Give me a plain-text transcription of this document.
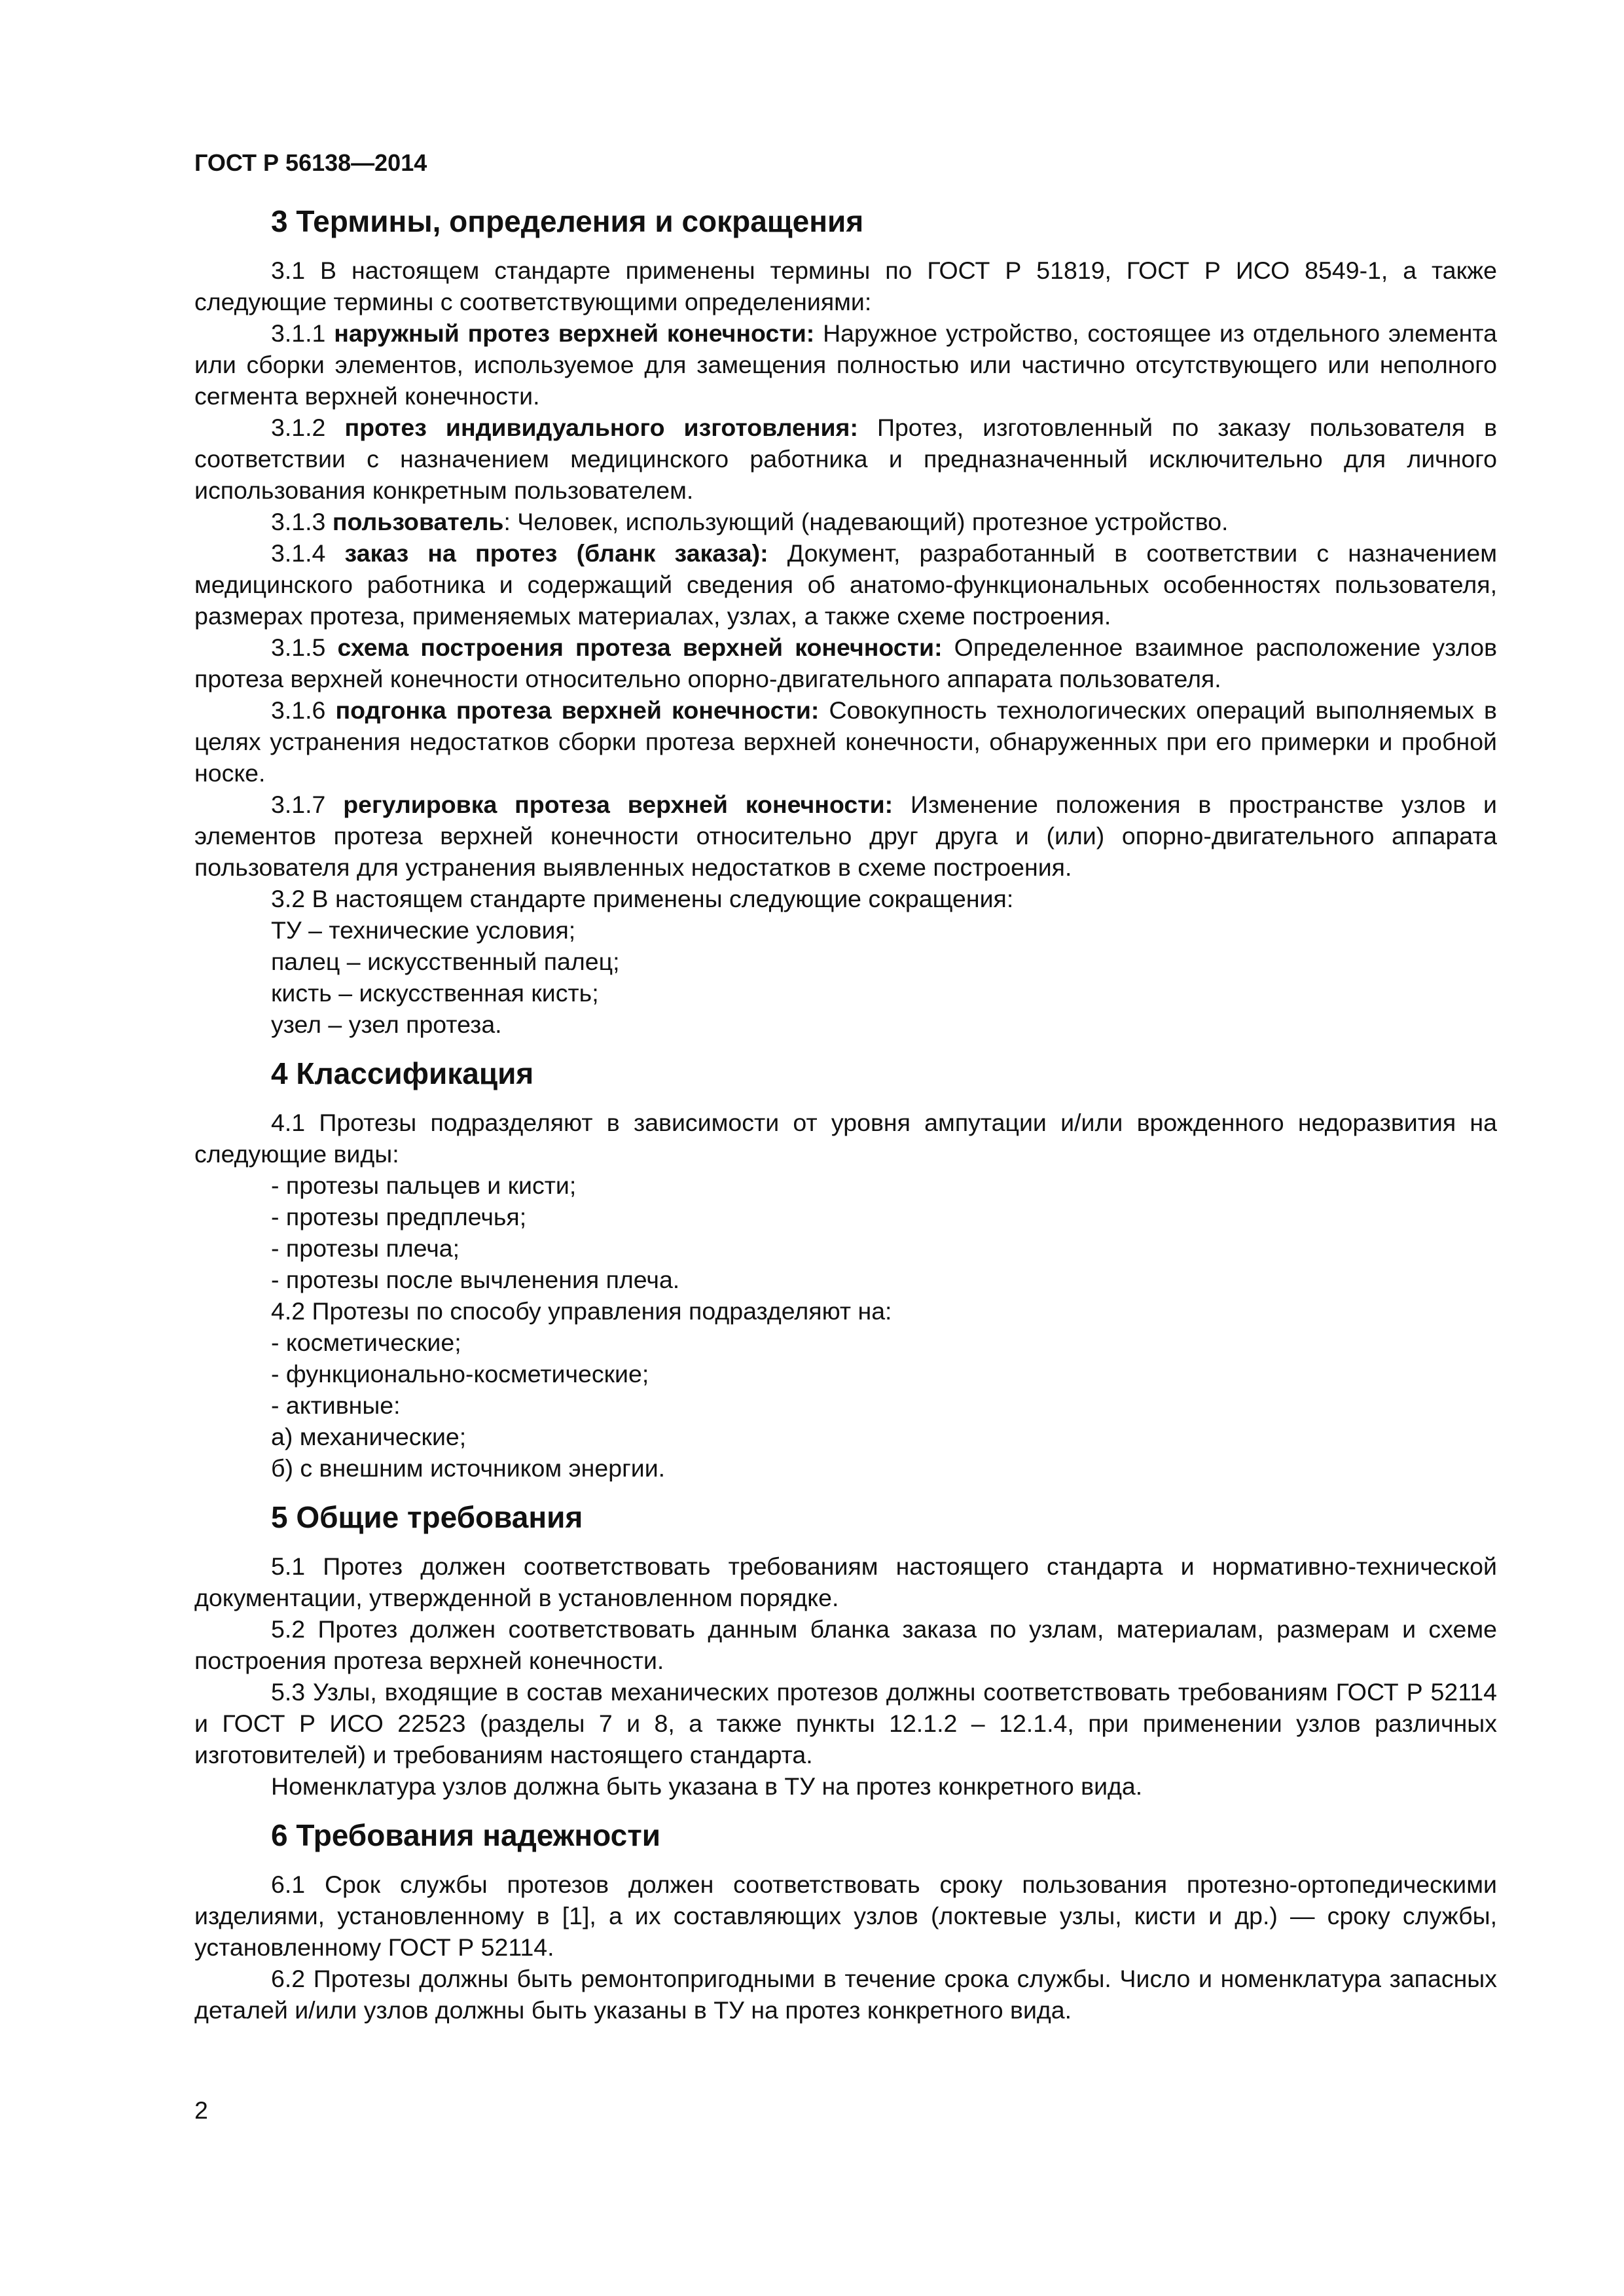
ГОСТ Р 56138—2014
3 Термины, определения и сокращения

3.1 В настоящем стандарте применены термины по ГОСТ Р 51819, ГОСТ Р ИСО 8549-1, а также следующие термины с соответствующими определениями:

3.1.1 наружный протез верхней конечности: Наружное устройство, состоящее из отдельного элемента или сборки элементов, используемое для замещения полностью или частично отсутствующего или неполного сегмента верхней конечности.

3.1.2 протез индивидуального изготовления: Протез, изготовленный по заказу пользователя в соответствии с назначением медицинского работника и предназначенный исключительно для личного использования конкретным пользователем.

3.1.3 пользователь: Человек, использующий (надевающий) протезное устройство.

3.1.4 заказ на протез (бланк заказа): Документ, разработанный в соответствии с назначением медицинского работника и содержащий сведения об анатомо-функциональных особенностях пользователя, размерах протеза, применяемых материалах, узлах, а также схеме построения.

3.1.5 схема построения протеза верхней конечности: Определенное взаимное расположение узлов протеза верхней конечности относительно опорно-двигательного аппарата пользователя.

3.1.6 подгонка протеза верхней конечности: Совокупность технологических операций выполняемых в целях устранения недостатков сборки протеза верхней конечности, обнаруженных при его примерки и пробной носке.

3.1.7 регулировка протеза верхней конечности: Изменение положения в пространстве узлов и элементов протеза верхней конечности относительно друг друга и (или) опорно-двигательного аппарата пользователя для устранения выявленных недостатков в схеме построения.

3.2 В настоящем стандарте применены следующие сокращения:

ТУ – технические условия;
палец – искусственный палец;
кисть – искусственная кисть;
узел – узел протеза.
4 Классификация

4.1 Протезы подразделяют в зависимости от уровня ампутации и/или врожденного недоразвития на следующие виды:

- протезы пальцев и кисти;
- протезы предплечья;
- протезы плеча;
- протезы после вычленения плеча.
4.2 Протезы по способу управления подразделяют на:
- косметические;
- функционально-косметические;
- активные:
а) механические;
б) с внешним источником энергии.
5 Общие требования

5.1 Протез должен соответствовать требованиям настоящего стандарта и нормативно-технической документации, утвержденной в установленном порядке.

5.2 Протез должен соответствовать данным бланка заказа по узлам, материалам, размерам и схеме построения протеза верхней конечности.

5.3 Узлы, входящие в состав механических протезов должны соответствовать требованиям ГОСТ Р 52114 и ГОСТ Р ИСО 22523 (разделы 7 и 8, а также пункты 12.1.2 – 12.1.4, при применении узлов различных изготовителей) и требованиям настоящего стандарта.

Номенклатура узлов должна быть указана в ТУ на протез конкретного вида.

6 Требования надежности

6.1 Срок службы протезов должен соответствовать сроку пользования протезно-ортопедическими изделиями, установленному в [1], а их составляющих узлов (локтевые узлы, кисти и др.) — сроку службы, установленному ГОСТ Р 52114.

6.2 Протезы должны быть ремонтопригодными в течение срока службы. Число и номенклатура запасных деталей и/или узлов должны быть указаны в ТУ на протез конкретного вида.

2
